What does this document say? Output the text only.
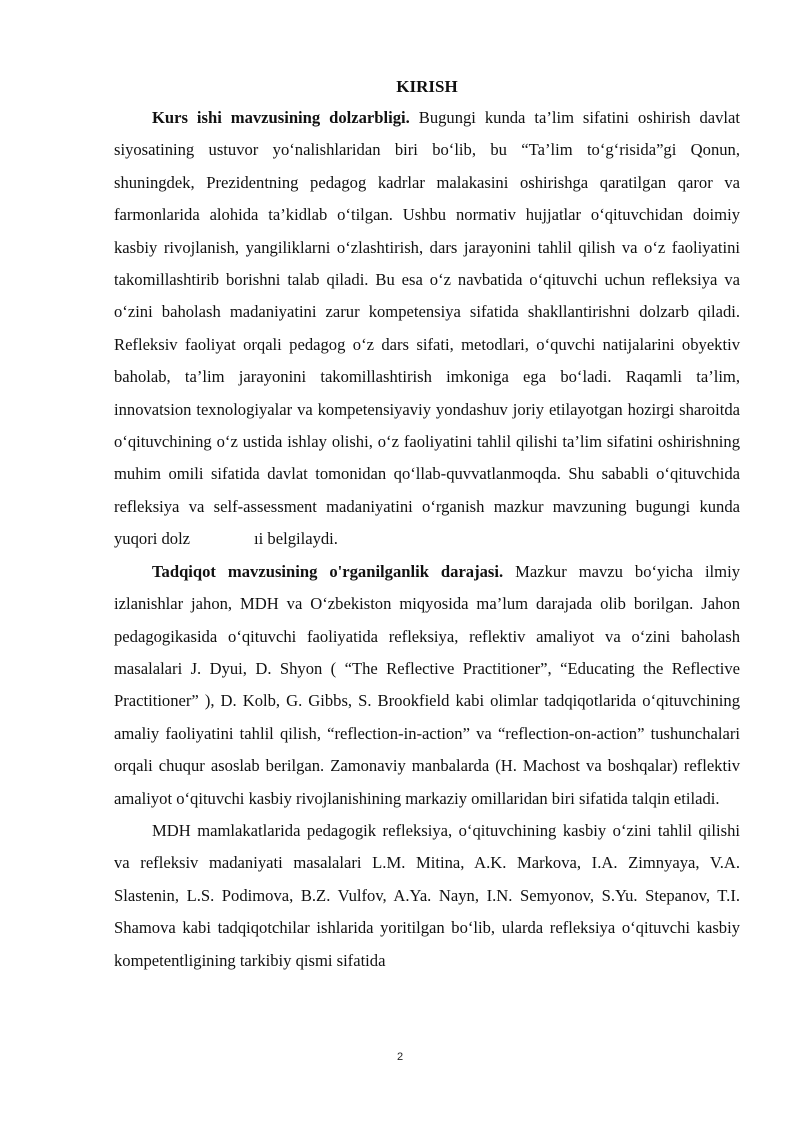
KIRISH

Kurs ishi mavzusining dolzarbligi. Bugungi kunda ta’lim sifatini oshirish davlat siyosatining ustuvor yo‘nalishlaridan biri bo‘lib, bu “Ta’lim to‘g‘risida”gi Qonun, shuningdek, Prezidentning pedagog kadrlar malakasini oshirishga qaratilgan qaror va farmonlarida alohida ta’kidlab o‘tilgan. Ushbu normativ hujjatlar o‘qituvchidan doimiy kasbiy rivojlanish, yangiliklarni o‘zlashtirish, dars jarayonini tahlil qilish va o‘z faoliyatini takomillashtirib borishni talab qiladi. Bu esa o‘z navbatida o‘qituvchi uchun refleksiya va o‘zini baholash madaniyatini zarur kompetensiya sifatida shakllantirishni dolzarb qiladi. Refleksiv faoliyat orqali pedagog o‘z dars sifati, metodlari, o‘quvchi natijalarini obyektiv baholab, ta’lim jarayonini takomillashtirish imkoniga ega bo‘ladi. Raqamli ta’lim, innovatsion texnologiyalar va kompetensiyaviy yondashuv joriy etilayotgan hozirgi sharoitda o‘qituvchining o‘z ustida ishlay olishi, o‘z faoliyatini tahlil qilishi ta’lim sifatini oshirishning muhim omili sifatida davlat tomonidan qo‘llab-quvvatlanmoqda. Shu sababli o‘qituvchida refleksiya va self-assessment madaniyatini o‘rganish mazkur mavzuning bugungi kunda yuqori dolz	ıi belgilaydi.

Tadqiqot mavzusining o'rganilganlik darajasi. Mazkur mavzu bo‘yicha ilmiy izlanishlar jahon, MDH va O‘zbekiston miqyosida ma’lum darajada olib borilgan. Jahon pedagogikasida o‘qituvchi faoliyatida refleksiya, reflektiv amaliyot va o‘zini baholash masalalari J. Dyui, D. Shyon ( “The Reflective Practitioner”, “Educating the Reflective Practitioner” ), D. Kolb, G. Gibbs, S. Brookfield kabi olimlar tadqiqotlarida o‘qituvchining amaliy faoliyatini tahlil qilish, “reflection-in-action” va “reflection-on-action” tushunchalari orqali chuqur asoslab berilgan. Zamonaviy manbalarda (H. Machost va boshqalar) reflektiv amaliyot o‘qituvchi kasbiy rivojlanishining markaziy omillaridan biri sifatida talqin etiladi.

MDH mamlakatlarida pedagogik refleksiya, o‘qituvchining kasbiy o‘zini tahlil qilishi va refleksiv madaniyati masalalari L.M. Mitina, A.K. Markova, I.A. Zimnyaya, V.A. Slastenin, L.S. Podimova, B.Z. Vulfov, A.Ya. Nayn, I.N. Semyonov, S.Yu. Stepanov, T.I. Shamova kabi tadqiqotchilar ishlarida yoritilgan bo‘lib, ularda refleksiya o‘qituvchi kasbiy kompetentligining tarkibiy qismi sifatida

2
